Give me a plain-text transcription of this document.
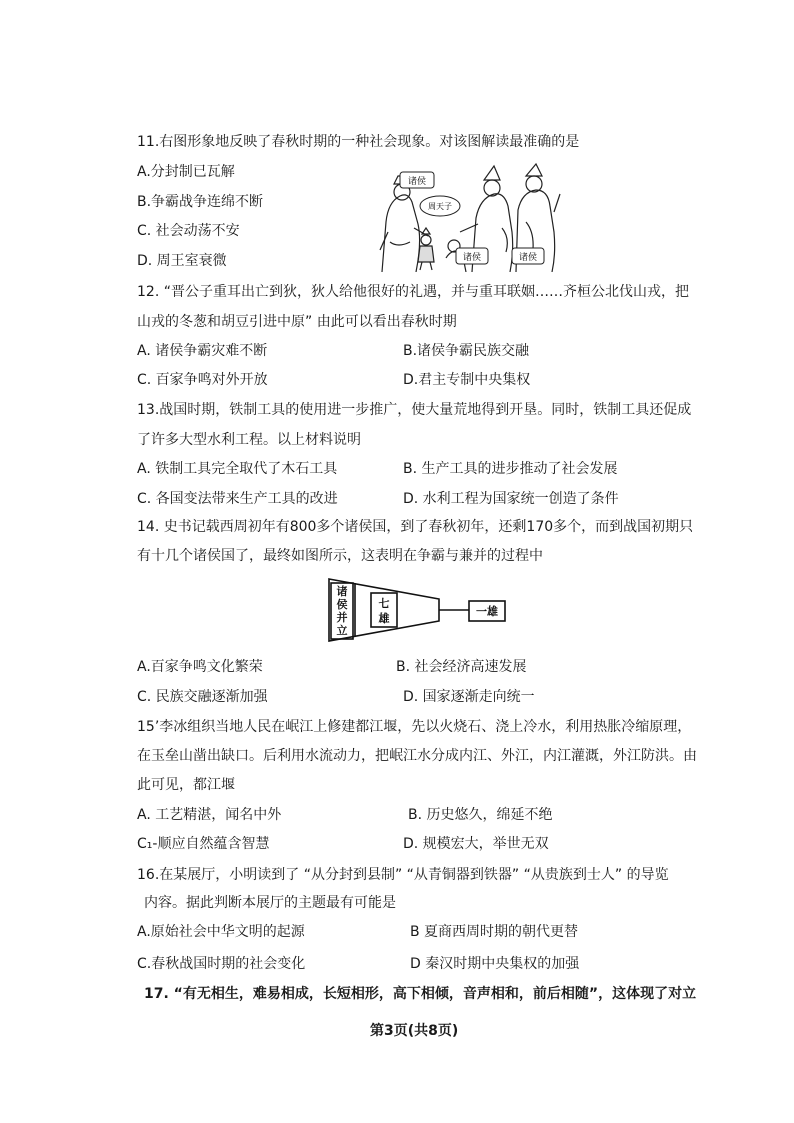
11.右图形象地反映了春秋时期的一种社会现象。对该图解读最准确的是
A.分封制已瓦解
B.争霸战争连绵不断
C. 社会动荡不安
D. 周王室衰微
诸侯
周天子
诸侯	诸侯
12. “晋公子重耳出亡到狄，狄人给他很好的礼遇，并与重耳联姻……齐桓公北伐山戎，把
山戎的冬葱和胡豆引进中原” 由此可以看出春秋时期
A. 诸侯争霸灾难不断	B.诸侯争霸民族交融
C. 百家争鸣对外开放	D.君主专制中央集权
13.战国时期，铁制工具的使用进一步推广，使大量荒地得到开垦。同时，铁制工具还促成
了许多大型水利工程。以上材料说明
A. 铁制工具完全取代了木石工具	B. 生产工具的进步推动了社会发展
C. 各国变法带来生产工具的改进	D. 水利工程为国家统一创造了条件
14. 史书记载西周初年有800多个诸侯国，到了春秋初年，还剩170多个，而到战国初期只
有十几个诸侯国了，最终如图所示，这表明在争霸与兼并的过程中
诸
侯
并
立
七
雄
一雄
A.百家争鸣文化繁荣	B. 社会经济高速发展
C. 民族交融逐渐加强	D. 国家逐渐走向统一
15’李冰组织当地人民在岷江上修建都江堰，先以火烧石、浇上冷水，利用热胀冷缩原理，
在玉垒山凿出缺口。后利用水流动力，把岷江水分成内江、外江，内江灌溉，外江防洪。由
此可见，都江堰
A. 工艺精湛，闻名中外	B. 历史悠久，绵延不绝
C₁-顺应自然蕴含智慧	D. 规模宏大，举世无双
16.在某展厅，小明读到了 “从分封到县制” “从青铜器到铁器” “从贵族到士人” 的导览
内容。据此判断本展厅的主题最有可能是
A.原始社会中华文明的起源	B 夏商西周时期的朝代更替
C.春秋战国时期的社会变化	D 秦汉时期中央集权的加强
17. “有无相生，难易相成，长短相形，高下相倾，音声相和，前后相随”，这体现了对立
第3页(共8页)
